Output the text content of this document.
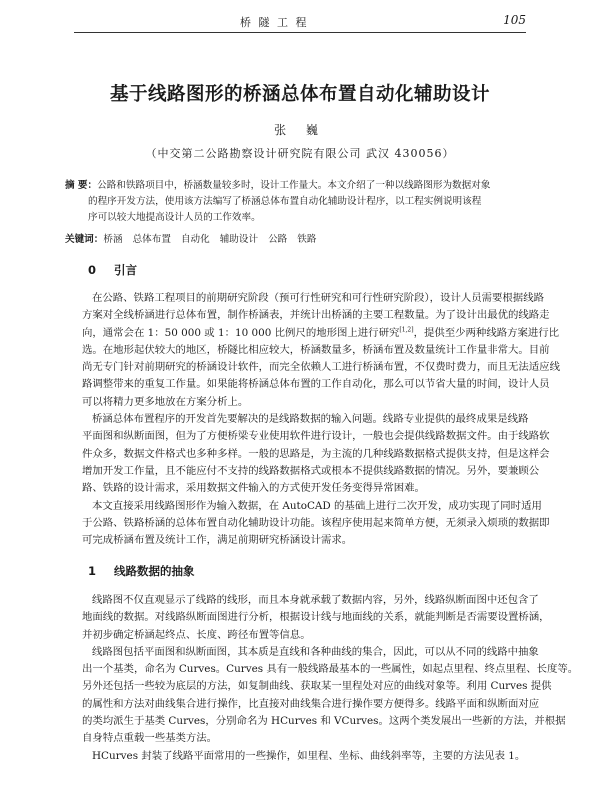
桥 隧 工 程	105
基于线路图形的桥涵总体布置自动化辅助设计
张 巍
（中交第二公路勘察设计研究院有限公司 武汉 430056）
摘 要：公路和铁路项目中，桥涵数量较多时，设计工作量大。本文介绍了一种以线路图形为数据对象
的程序开发方法，使用该方法编写了桥涵总体布置自动化辅助设计程序，以工程实例说明该程
序可以较大地提高设计人员的工作效率。
关键词：桥涵 总体布置 自动化 辅助设计 公路 铁路
0 引言
在公路、铁路工程项目的前期研究阶段（预可行性研究和可行性研究阶段），设计人员需要根据线路
方案对全线桥涵进行总体布置，制作桥涵表，并统计出桥涵的主要工程数量。为了设计出最优的线路走
向，通常会在 1：50 000 或 1：10 000 比例尺的地形图上进行研究[1,2]，提供至少两种线路方案进行比
选。在地形起伏较大的地区，桥隧比相应较大，桥涵数量多，桥涵布置及数量统计工作量非常大。目前
尚无专门针对前期研究的桥涵设计软件，而完全依赖人工进行桥涵布置，不仅费时费力，而且无法适应线
路调整带来的重复工作量。如果能将桥涵总体布置的工作自动化，那么可以节省大量的时间，设计人员
可以将精力更多地放在方案分析上。
桥涵总体布置程序的开发首先要解决的是线路数据的输入问题。线路专业提供的最终成果是线路
平面图和纵断面图，但为了方便桥梁专业使用软件进行设计，一般也会提供线路数据文件。由于线路软
件众多，数据文件格式也多种多样。一般的思路是，为主流的几种线路数据格式提供支持，但是这样会
增加开发工作量，且不能应付不支持的线路数据格式或根本不提供线路数据的情况。另外，要兼顾公
路、铁路的设计需求，采用数据文件输入的方式使开发任务变得异常困难。
本文直接采用线路图形作为输入数据，在 AutoCAD 的基础上进行二次开发，成功实现了同时适用
于公路、铁路桥涵的总体布置自动化辅助设计功能。该程序使用起来简单方便，无须录入烦琐的数据即
可完成桥涵布置及统计工作，满足前期研究桥涵设计需求。
1 线路数据的抽象
线路图不仅直观显示了线路的线形，而且本身就承载了数据内容，另外，线路纵断面图中还包含了
地面线的数据。对线路纵断面图进行分析，根据设计线与地面线的关系，就能判断是否需要设置桥涵，
并初步确定桥涵起终点、长度、跨径布置等信息。
线路图包括平面图和纵断面图，其本质是直线和各种曲线的集合，因此，可以从不同的线路中抽象
出一个基类，命名为 Curves。Curves 具有一般线路最基本的一些属性，如起点里程、终点里程、长度等。
另外还包括一些较为底层的方法，如复制曲线、获取某一里程处对应的曲线对象等。利用 Curves 提供
的属性和方法对曲线集合进行操作，比直接对曲线集合进行操作要方便得多。线路平面和纵断面对应
的类均派生于基类 Curves，分别命名为 HCurves 和 VCurves。这两个类发展出一些新的方法，并根据
自身特点重载一些基类方法。
HCurves 封装了线路平面常用的一些操作，如里程、坐标、曲线斜率等，主要的方法见表 1。
